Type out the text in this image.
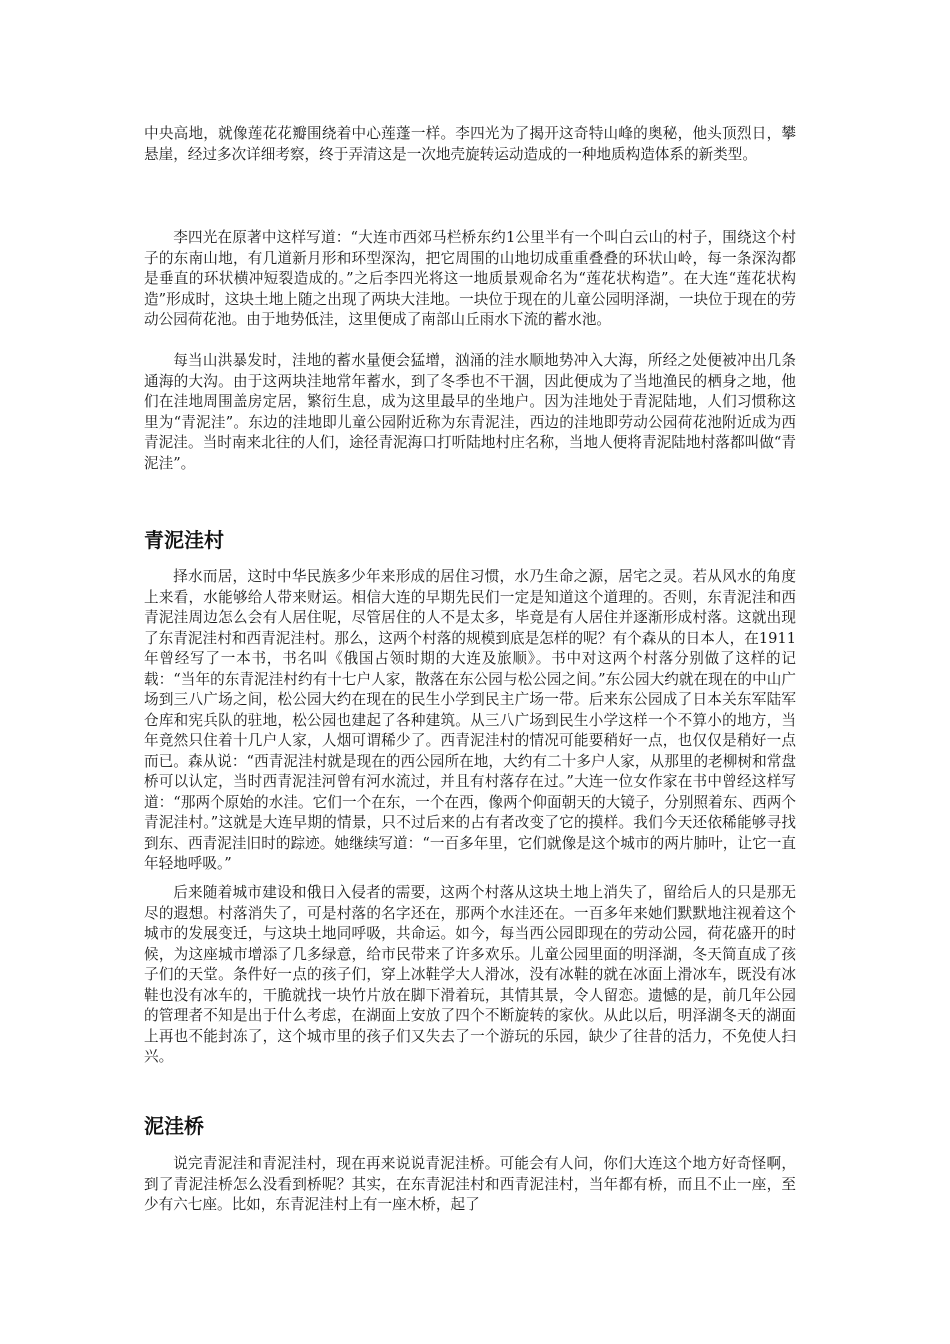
中央高地，就像莲花花瓣围绕着中心莲蓬一样。李四光为了揭开这奇特山峰的奥秘，他头顶烈日，攀悬崖，经过多次详细考察，终于弄清这是一次地壳旋转运动造成的一种地质构造体系的新类型。

李四光在原著中这样写道：“大连市西郊马栏桥东约1公里半有一个叫白云山的村子，围绕这个村子的东南山地，有几道新月形和环型深沟，把它周围的山地切成重重叠叠的环状山岭，每一条深沟都是垂直的环状横冲短裂造成的。”之后李四光将这一地质景观命名为“莲花状构造”。在大连“莲花状构造”形成时，这块土地上随之出现了两块大洼地。一块位于现在的儿童公园明泽湖，一块位于现在的劳动公园荷花池。由于地势低洼，这里便成了南部山丘雨水下流的蓄水池。

每当山洪暴发时，洼地的蓄水量便会猛增，汹涌的洼水顺地势冲入大海，所经之处便被冲出几条通海的大沟。由于这两块洼地常年蓄水，到了冬季也不干涸，因此便成为了当地渔民的栖身之地，他们在洼地周围盖房定居，繁衍生息，成为这里最早的坐地户。因为洼地处于青泥陆地，人们习惯称这里为“青泥洼”。东边的洼地即儿童公园附近称为东青泥洼，西边的洼地即劳动公园荷花池附近成为西青泥洼。当时南来北往的人们，途径青泥海口打听陆地村庄名称，当地人便将青泥陆地村落都叫做“青泥洼”。

青泥洼村

择水而居，这时中华民族多少年来形成的居住习惯，水乃生命之源，居宅之灵。若从风水的角度上来看，水能够给人带来财运。相信大连的早期先民们一定是知道这个道理的。否则，东青泥洼和西青泥洼周边怎么会有人居住呢，尽管居住的人不是太多，毕竟是有人居住并逐渐形成村落。这就出现了东青泥洼村和西青泥洼村。那么，这两个村落的规模到底是怎样的呢？有个森从的日本人，在1911年曾经写了一本书，书名叫《俄国占领时期的大连及旅顺》。书中对这两个村落分别做了这样的记载：“当年的东青泥洼村约有十七户人家，散落在东公园与松公园之间。”东公园大约就在现在的中山广场到三八广场之间，松公园大约在现在的民生小学到民主广场一带。后来东公园成了日本关东军陆军仓库和宪兵队的驻地，松公园也建起了各种建筑。从三八广场到民生小学这样一个不算小的地方，当年竟然只住着十几户人家，人烟可谓稀少了。西青泥洼村的情况可能要稍好一点，也仅仅是稍好一点而已。森从说：“西青泥洼村就是现在的西公园所在地，大约有二十多户人家，从那里的老柳树和常盘桥可以认定，当时西青泥洼河曾有河水流过，并且有村落存在过。”大连一位女作家在书中曾经这样写道：“那两个原始的水洼。它们一个在东，一个在西，像两个仰面朝天的大镜子，分别照着东、西两个青泥洼村。”这就是大连早期的情景，只不过后来的占有者改变了它的摸样。我们今天还依稀能够寻找到东、西青泥洼旧时的踪迹。她继续写道：“一百多年里，它们就像是这个城市的两片肺叶，让它一直年轻地呼吸。”

后来随着城市建设和俄日入侵者的需要，这两个村落从这块土地上消失了，留给后人的只是那无尽的遐想。村落消失了，可是村落的名字还在，那两个水洼还在。一百多年来她们默默地注视着这个城市的发展变迁，与这块土地同呼吸，共命运。如今，每当西公园即现在的劳动公园，荷花盛开的时候，为这座城市增添了几多绿意，给市民带来了许多欢乐。儿童公园里面的明泽湖，冬天简直成了孩子们的天堂。条件好一点的孩子们，穿上冰鞋学大人滑冰，没有冰鞋的就在冰面上滑冰车，既没有冰鞋也没有冰车的，干脆就找一块竹片放在脚下滑着玩，其情其景，令人留恋。遗憾的是，前几年公园的管理者不知是出于什么考虑，在湖面上安放了四个不断旋转的家伙。从此以后，明泽湖冬天的湖面上再也不能封冻了，这个城市里的孩子们又失去了一个游玩的乐园，缺少了往昔的活力，不免使人扫兴。

泥洼桥

说完青泥洼和青泥洼村，现在再来说说青泥洼桥。可能会有人问，你们大连这个地方好奇怪啊，到了青泥洼桥怎么没看到桥呢？其实，在东青泥洼村和西青泥洼村，当年都有桥，而且不止一座，至少有六七座。比如，东青泥洼村上有一座木桥，起了
